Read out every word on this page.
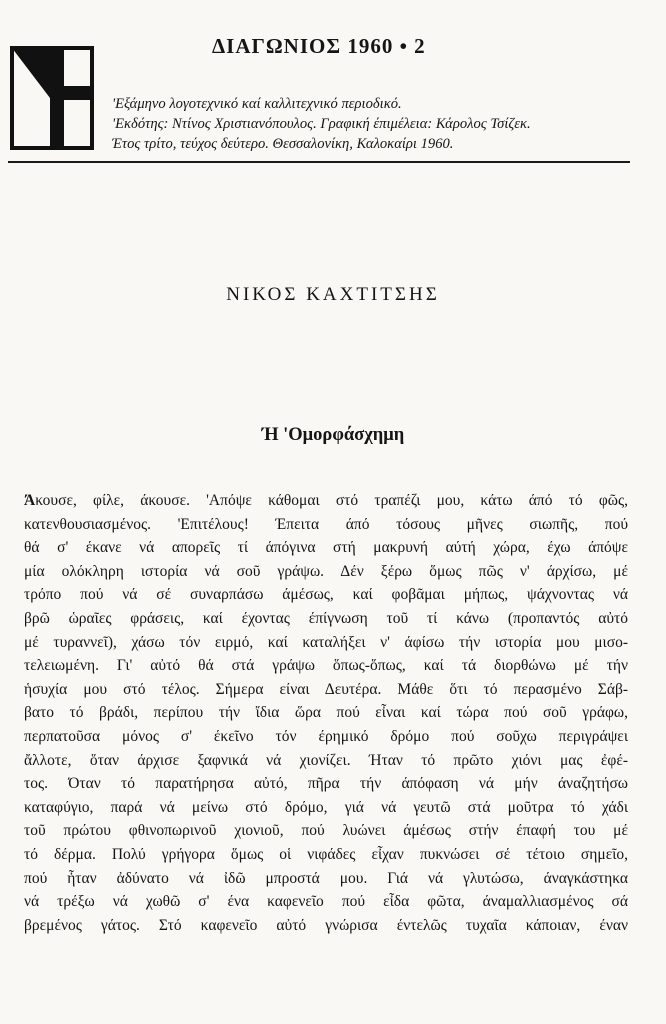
ΔΙΑΓΩΝΙΟΣ 1960 • 2
'Εξάμηνο λογοτεχνικό καί καλλιτεχνικό περιοδικό.
'Εκδότης: Ντίνος Χριστιανόπουλος. Γραφική έπιμέλεια: Κάρολος Τσίζεκ.
Έτος τρίτο, τεύχος δεύτερο. Θεσσαλονίκη, Καλοκαίρι 1960.
ΝΙΚΟΣ ΚΑΧΤΙΤΣΗΣ
Ή 'Ομορφάσχημη
Άκουσε, φίλε, άκουσε. 'Απόψε κάθομαι στό τραπέζι μου, κάτω άπό τό φῶς,
κατενθουσιασμένος. 'Επιτέλους! Έπειτα άπό τόσους μῆνες σιωπῆς, πού
θά σ' έκανε νά απορεῖς τί άπόγινα στή μακρυνή αύτή χώρα, έχω άπόψε
μία ολόκληρη ιστορία νά σοῦ γράψω. Δέν ξέρω ὅμως πῶς ν' άρχίσω, μέ
τρόπο πού νά σέ συναρπάσω άμέσως, καί φοβᾶμαι μήπως, ψάχνοντας νά
βρῶ ὡραῖες φράσεις, καί έχοντας έπίγνωση τοῦ τί κάνω (προπαντός αὐτό
μέ τυραννεῖ), χάσω τόν ειρμό, καί καταλήξει ν' άφίσω τήν ιστορία μου μισο-
τελειωμένη. Γι' αὐτό θά στά γράψω ὅπως-ὅπως, καί τά διορθώνω μέ τήν
ἡσυχία μου στό τέλος. Σήμερα είναι Δευτέρα. Μάθε ὅτι τό περασμένο Σάβ-
βατο τό βράδι, περίπου τήν ἴδια ὥρα πού εἶναι καί τώρα πού σοῦ γράφω,
περπατοῦσα μόνος σ' έκεῖνο τόν έρημικό δρόμο πού σοῦχω περιγράψει
ἄλλοτε, ὅταν άρχισε ξαφνικά νά χιονίζει. Ήταν τό πρῶτο χιόνι μας ἐφέ-
τος. Όταν τό παρατήρησα αὐτό, πῆρα τήν άπόφαση νά μήν άναζητήσω
καταφύγιο, παρά νά μείνω στό δρόμο, γιά νά γευτῶ στά μοῦτρα τό χάδι
τοῦ πρώτου φθινοπωρινοῦ χιονιοῦ, πού λυώνει άμέσως στήν έπαφή του μέ
τό δέρμα. Πολύ γρήγορα ὅμως οἱ νιφάδες εἶχαν πυκνώσει σέ τέτοιο σημεῖο,
πού ἦταν ἀδύνατο νά ἰδῶ μπροστά μου. Γιά νά γλυτώσω, άναγκάστηκα
νά τρέξω νά χωθῶ σ' ένα καφενεῖο πού εἶδα φῶτα, άναμαλλιασμένος σά
βρεμένος γάτος. Στό καφενεῖο αὐτό γνώρισα έντελῶς τυχαῖα κάποιαν, έναν
